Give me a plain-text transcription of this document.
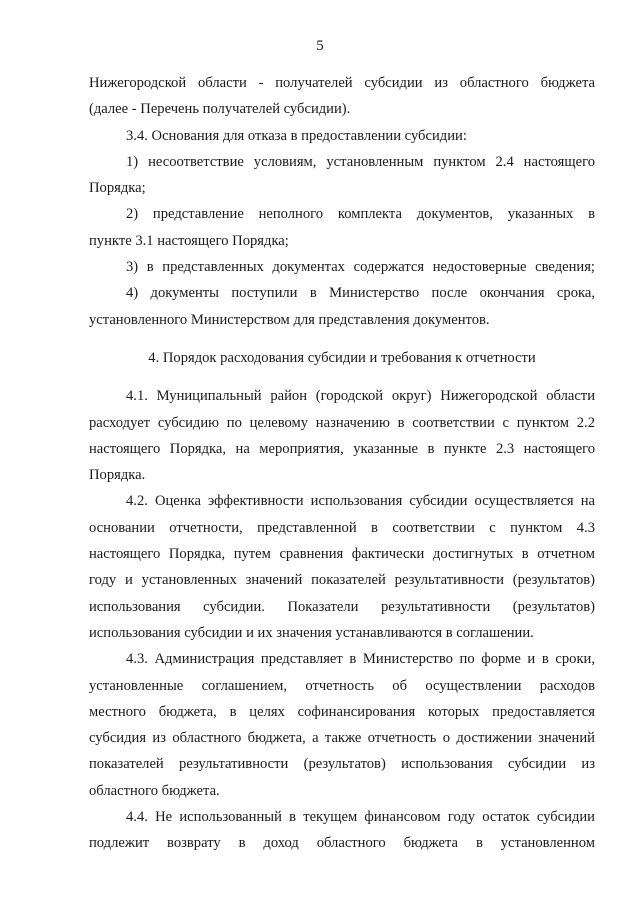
5
Нижегородской области - получателей субсидии из областного бюджета
(далее - Перечень получателей субсидии).
3.4. Основания для отказа в предоставлении субсидии:
1) несоответствие условиям, установленным пунктом 2.4 настоящего
Порядка;
2) представление неполного комплекта документов, указанных в
пункте 3.1 настоящего Порядка;
3) в представленных документах содержатся недостоверные сведения;
4) документы поступили в Министерство после окончания срока,
установленного Министерством для представления документов.
4. Порядок расходования субсидии и требования к отчетности
4.1. Муниципальный район (городской округ) Нижегородской области
расходует субсидию по целевому назначению в соответствии с пунктом 2.2
настоящего Порядка, на мероприятия, указанные в пункте 2.3 настоящего
Порядка.
4.2. Оценка эффективности использования субсидии осуществляется на
основании отчетности, представленной в соответствии с пунктом 4.3
настоящего Порядка, путем сравнения фактически достигнутых в отчетном
году и установленных значений показателей результативности (результатов)
использования субсидии. Показатели результативности (результатов)
использования субсидии и их значения устанавливаются в соглашении.
4.3. Администрация представляет в Министерство по форме и в сроки,
установленные соглашением, отчетность об осуществлении расходов
местного бюджета, в целях софинансирования которых предоставляется
субсидия из областного бюджета, а также отчетность о достижении значений
показателей результативности (результатов) использования субсидии из
областного бюджета.
4.4. Не использованный в текущем финансовом году остаток субсидии
подлежит возврату в доход областного бюджета в установленном
